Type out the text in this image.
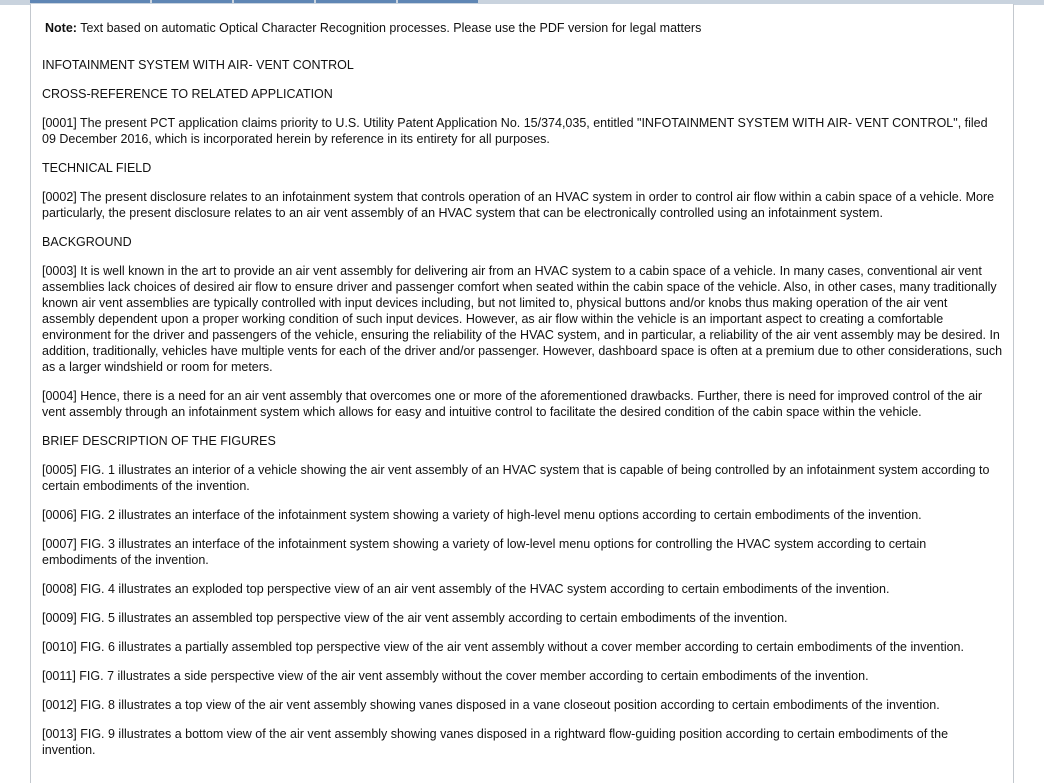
Note: Text based on automatic Optical Character Recognition processes. Please use the PDF version for legal matters
INFOTAINMENT SYSTEM WITH AIR- VENT CONTROL
CROSS-REFERENCE TO RELATED APPLICATION
[0001] The present PCT application claims priority to U.S. Utility Patent Application No. 15/374,035, entitled "INFOTAINMENT SYSTEM WITH AIR- VENT CONTROL", filed 09 December 2016, which is incorporated herein by reference in its entirety for all purposes.
TECHNICAL FIELD
[0002] The present disclosure relates to an infotainment system that controls operation of an HVAC system in order to control air flow within a cabin space of a vehicle. More particularly, the present disclosure relates to an air vent assembly of an HVAC system that can be electronically controlled using an infotainment system.
BACKGROUND
[0003] It is well known in the art to provide an air vent assembly for delivering air from an HVAC system to a cabin space of a vehicle. In many cases, conventional air vent assemblies lack choices of desired air flow to ensure driver and passenger comfort when seated within the cabin space of the vehicle. Also, in other cases, many traditionally known air vent assemblies are typically controlled with input devices including, but not limited to, physical buttons and/or knobs thus making operation of the air vent assembly dependent upon a proper working condition of such input devices. However, as air flow within the vehicle is an important aspect to creating a comfortable environment for the driver and passengers of the vehicle, ensuring the reliability of the HVAC system, and in particular, a reliability of the air vent assembly may be desired. In addition, traditionally, vehicles have multiple vents for each of the driver and/or passenger. However, dashboard space is often at a premium due to other considerations, such as a larger windshield or room for meters.
[0004] Hence, there is a need for an air vent assembly that overcomes one or more of the aforementioned drawbacks. Further, there is need for improved control of the air vent assembly through an infotainment system which allows for easy and intuitive control to facilitate the desired condition of the cabin space within the vehicle.
BRIEF DESCRIPTION OF THE FIGURES
[0005] FIG. 1 illustrates an interior of a vehicle showing the air vent assembly of an HVAC system that is capable of being controlled by an infotainment system according to certain embodiments of the invention.
[0006] FIG. 2 illustrates an interface of the infotainment system showing a variety of high-level menu options according to certain embodiments of the invention.
[0007] FIG. 3 illustrates an interface of the infotainment system showing a variety of low-level menu options for controlling the HVAC system according to certain embodiments of the invention.
[0008] FIG. 4 illustrates an exploded top perspective view of an air vent assembly of the HVAC system according to certain embodiments of the invention.
[0009] FIG. 5 illustrates an assembled top perspective view of the air vent assembly according to certain embodiments of the invention.
[0010] FIG. 6 illustrates a partially assembled top perspective view of the air vent assembly without a cover member according to certain embodiments of the invention.
[0011] FIG. 7 illustrates a side perspective view of the air vent assembly without the cover member according to certain embodiments of the invention.
[0012] FIG. 8 illustrates a top view of the air vent assembly showing vanes disposed in a vane closeout position according to certain embodiments of the invention.
[0013] FIG. 9 illustrates a bottom view of the air vent assembly showing vanes disposed in a rightward flow-guiding position according to certain embodiments of the invention.
